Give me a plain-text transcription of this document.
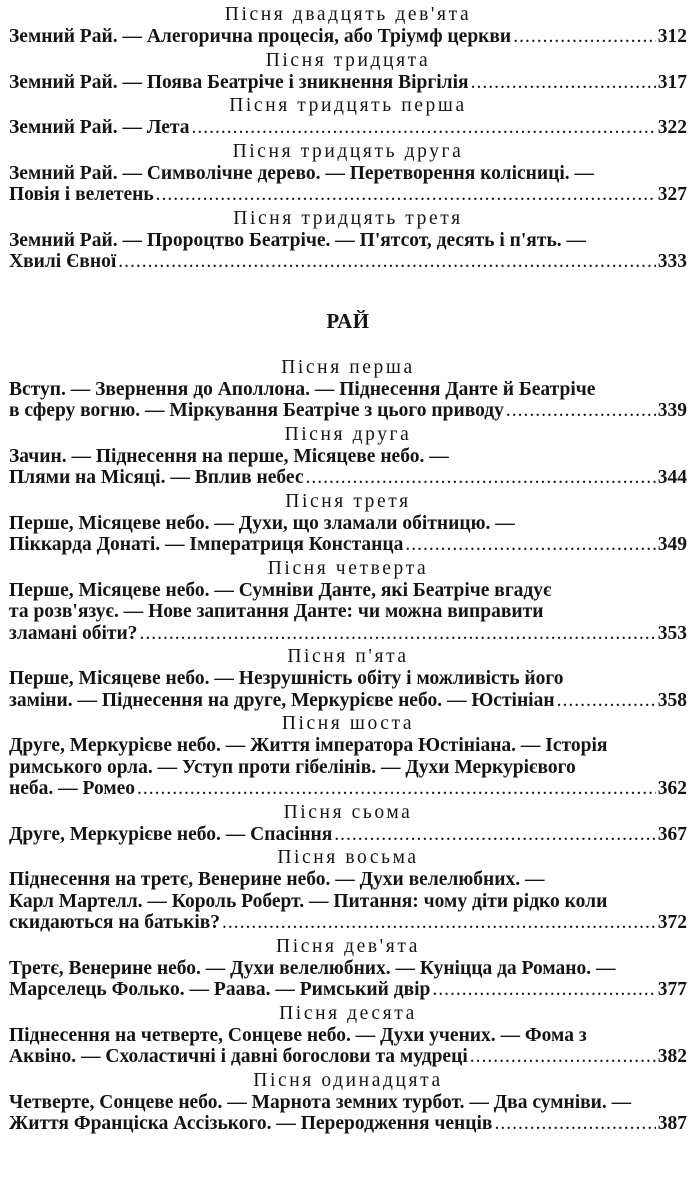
Пісня двадцять дев'ята
Земний Рай. — Алегорична процесія, або Тріумф церкви .....	312
Пісня тридцята
Земний Рай. — Поява Беатріче і зникнення Віргілія .....	317
Пісня тридцять перша
Земний Рай. — Лета .....	322
Пісня тридцять друга
Земний Рай. — Символічне дерево. — Перетворення колісниці. —
Повія і велетень .....	327
Пісня тридцять третя
Земний Рай. — Пророцтво Беатріче. — П'ятсот, десять і п'ять. —
Хвилі Євної .....	333
РАЙ
Пісня перша
Вступ. — Звернення до Аполлона. — Піднесення Данте й Беатріче
в сферу вогню. — Міркування Беатріче з цього приводу .....	339
Пісня друга
Зачин. — Піднесення на перше, Місяцеве небо. —
Плями на Місяці. — Вплив небес .....	344
Пісня третя
Перше, Місяцеве небо. — Духи, що зламали обітницю. —
Піккарда Донаті. — Імператриця Констанца .....	349
Пісня четверта
Перше, Місяцеве небо. — Сумніви Данте, які Беатріче вгадує
та розв'язує. — Нове запитання Данте: чи можна виправити
зламані обіти? .....	353
Пісня п'ята
Перше, Місяцеве небо. — Незрушність обіту і можливість його
заміни. — Піднесення на друге, Меркурієве небо. — Юстініан .....	358
Пісня шоста
Друге, Меркурієве небо. — Життя імператора Юстініана. — Історія
римського орла. — Уступ проти гібелінів. — Духи Меркурієвого
неба. — Ромео .....	362
Пісня сьома
Друге, Меркурієве небо. — Спасіння .....	367
Пісня восьма
Піднесення на третє, Венерине небо. — Духи велелюбних. —
Карл Мартелл. — Король Роберт. — Питання: чому діти рідко коли
скидаються на батьків? .....	372
Пісня дев'ята
Третє, Венерине небо. — Духи велелюбних. — Куніцца да Романо. —
Марселець Фолько. — Раава. — Римський двір .....	377
Пісня десята
Піднесення на четверте, Сонцеве небо. — Духи учених. — Фома з
Аквіно. — Схоластичні і давні богослови та мудреці .....	382
Пісня одинадцята
Четверте, Сонцеве небо. — Марнота земних турбот. — Два сумніви. —
Життя Франціска Ассізького. — Переродження ченців .....	387
